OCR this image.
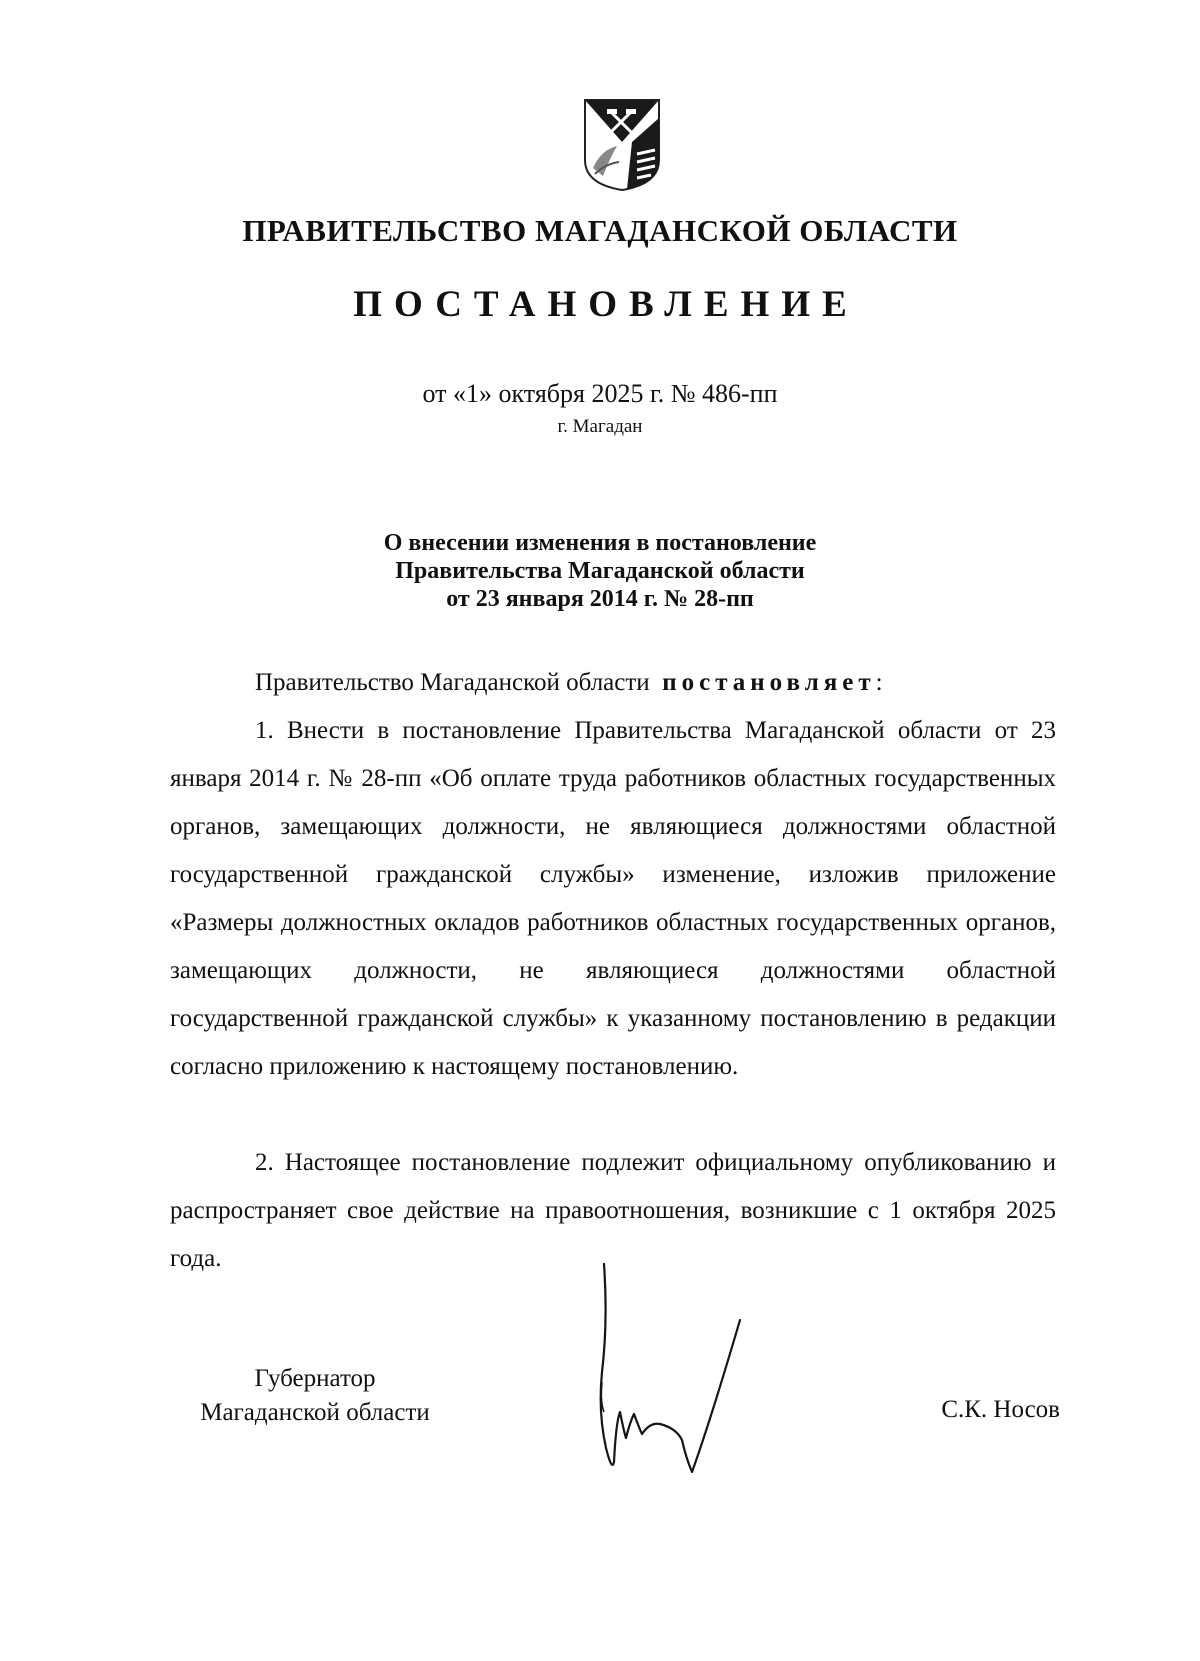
ПРАВИТЕЛЬСТВО МАГАДАНСКОЙ ОБЛАСТИ
ПОСТАНОВЛЕНИЕ
от «1» октября 2025 г. № 486-пп
г. Магадан
О внесении изменения в постановление
Правительства Магаданской области
от 23 января 2014 г. № 28-пп
Правительство Магаданской области постановляет:
1. Внести в постановление Правительства Магаданской области от 23 января 2014 г. № 28-пп «Об оплате труда работников областных государственных органов, замещающих должности, не являющиеся должностями областной государственной гражданской службы» изменение, изложив приложение «Размеры должностных окладов работников областных государственных органов, замещающих должности, не являющиеся должностями областной государственной гражданской службы» к указанному постановлению в редакции согласно приложению к настоящему постановлению.
2. Настоящее постановление подлежит официальному опубликованию и распространяет свое действие на правоотношения, возникшие с 1 октября 2025 года.
Губернатор
Магаданской области	С.К. Носов
